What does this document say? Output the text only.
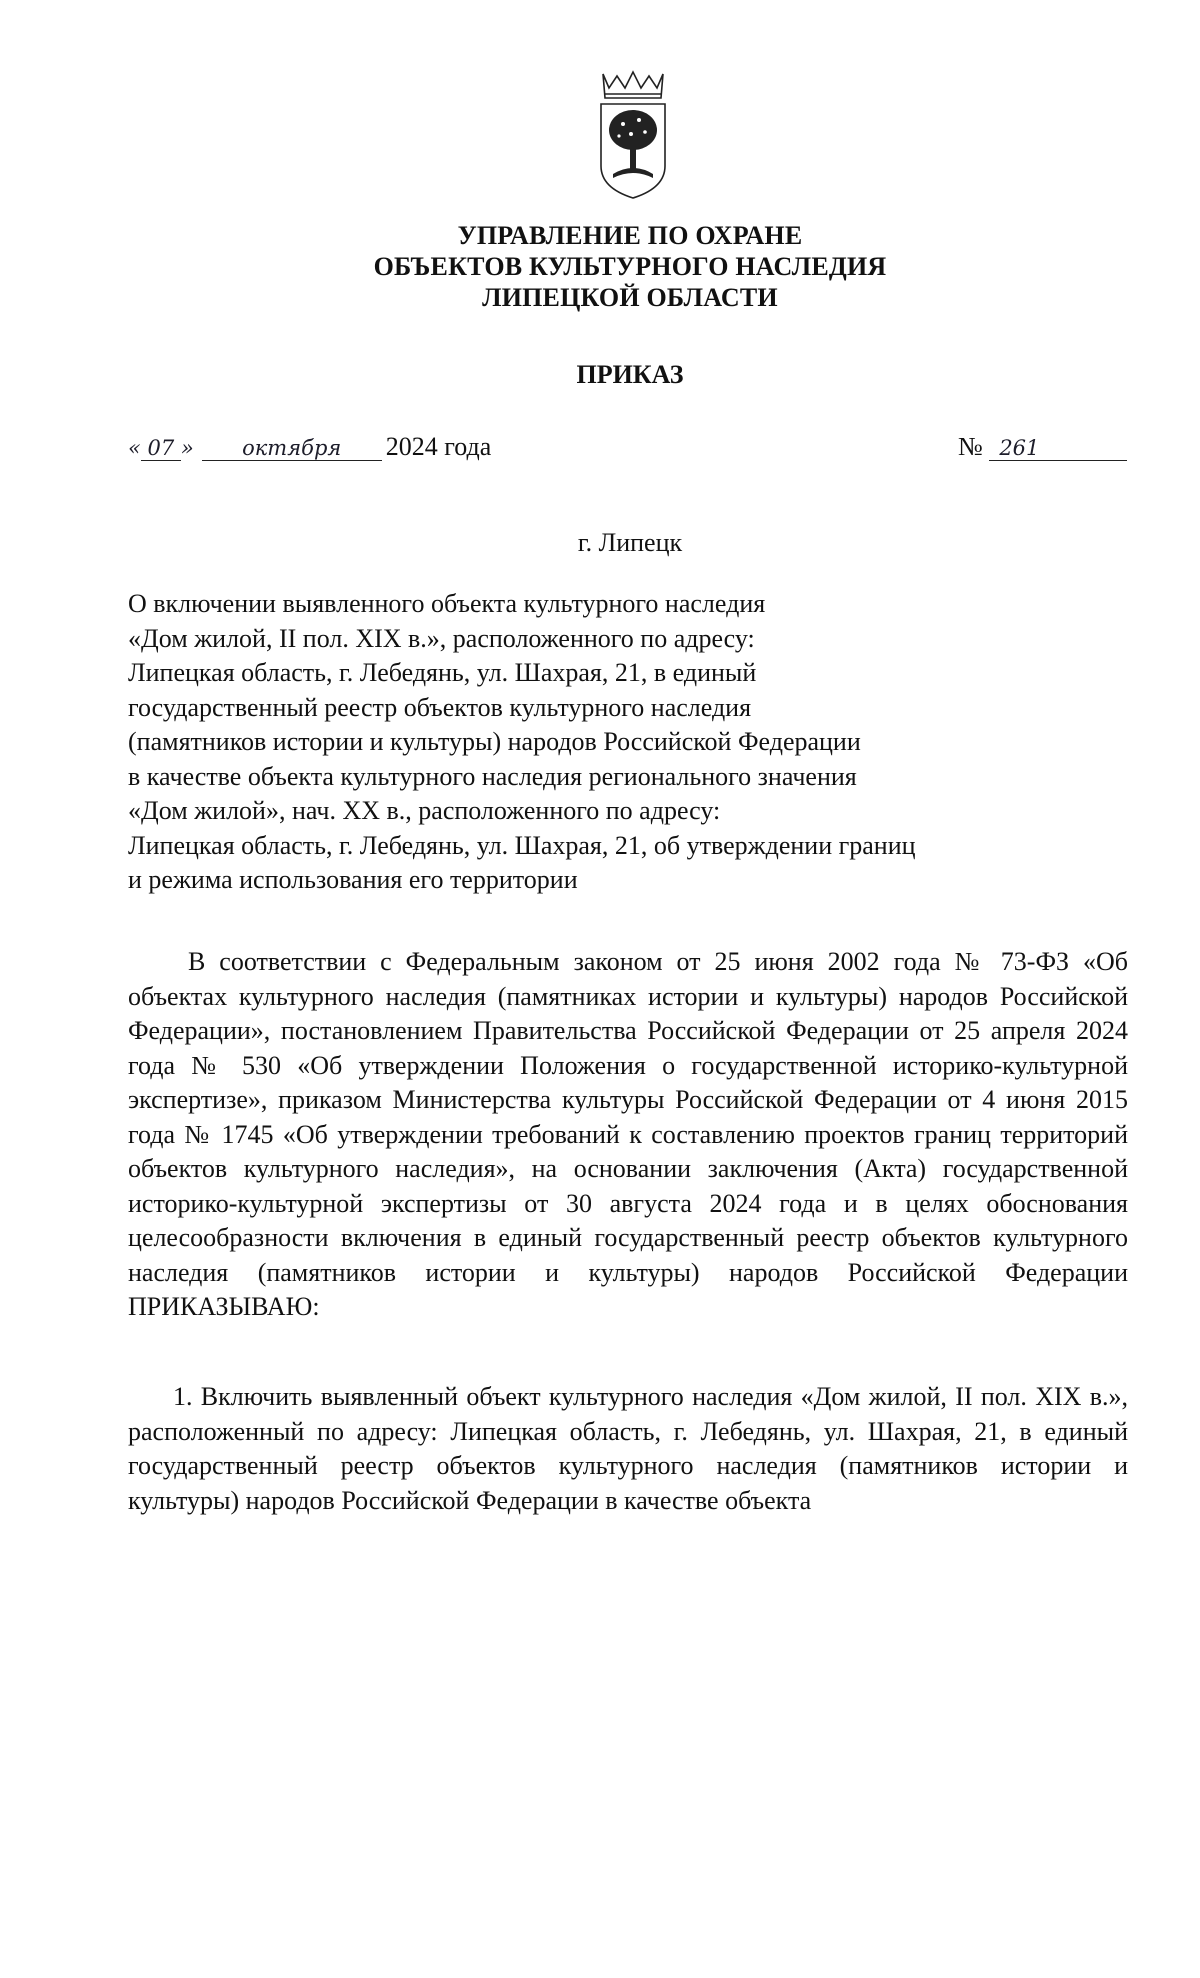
УПРАВЛЕНИЕ ПО ОХРАНЕ
ОБЪЕКТОВ КУЛЬТУРНОГО НАСЛЕДИЯ
ЛИПЕЦКОЙ ОБЛАСТИ
ПРИКАЗ
« 07 » октября 2024 года	№ 261
г. Липецк
О включении выявленного объекта культурного наследия
«Дом жилой, II пол. XIX в.», расположенного по адресу:
Липецкая область, г. Лебедянь, ул. Шахрая, 21, в единый
государственный реестр объектов культурного наследия
(памятников истории и культуры) народов Российской Федерации
в качестве объекта культурного наследия регионального значения
«Дом жилой», нач. XX в., расположенного по адресу:
Липецкая область, г. Лебедянь, ул. Шахрая, 21, об утверждении границ
и режима использования его территории
В соответствии с Федеральным законом от 25 июня 2002 года № 73-ФЗ «Об объектах культурного наследия (памятниках истории и культуры) народов Российской Федерации», постановлением Правительства Российской Федерации от 25 апреля 2024 года № 530 «Об утверждении Положения о государственной историко-культурной экспертизе», приказом Министерства культуры Российской Федерации от 4 июня 2015 года № 1745 «Об утверждении требований к составлению проектов границ территорий объектов культурного наследия», на основании заключения (Акта) государственной историко-культурной экспертизы от 30 августа 2024 года и в целях обоснования целесообразности включения в единый государственный реестр объектов культурного наследия (памятников истории и культуры) народов Российской Федерации ПРИКАЗЫВАЮ:
1. Включить выявленный объект культурного наследия «Дом жилой, II пол. XIX в.», расположенный по адресу: Липецкая область, г. Лебедянь, ул. Шахрая, 21, в единый государственный реестр объектов культурного наследия (памятников истории и культуры) народов Российской Федерации в качестве объекта
